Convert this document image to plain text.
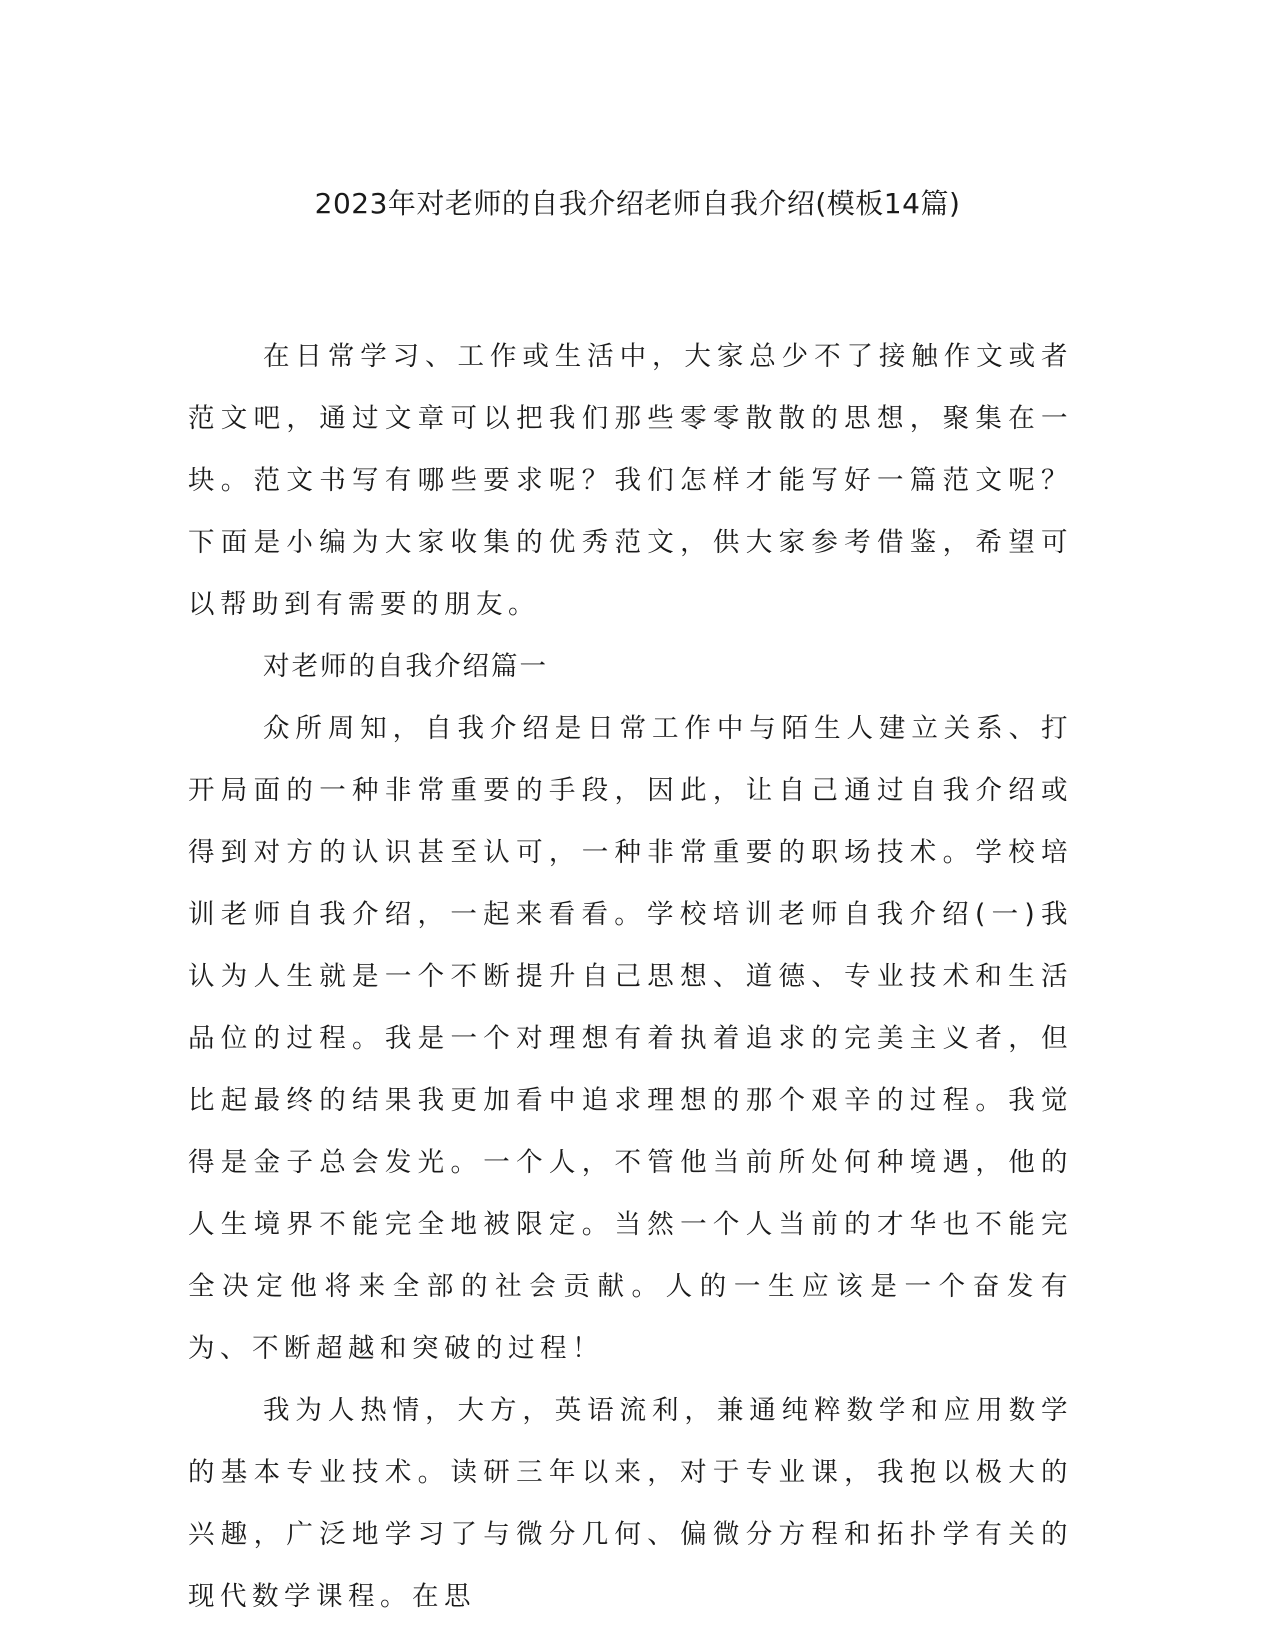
2023年对老师的自我介绍老师自我介绍(模板14篇)

在日常学习、工作或生活中，大家总少不了接触作文或者范文吧，通过文章可以把我们那些零零散散的思想，聚集在一块。范文书写有哪些要求呢？我们怎样才能写好一篇范文呢？下面是小编为大家收集的优秀范文，供大家参考借鉴，希望可以帮助到有需要的朋友。

对老师的自我介绍篇一

众所周知，自我介绍是日常工作中与陌生人建立关系、打开局面的一种非常重要的手段，因此，让自己通过自我介绍或得到对方的认识甚至认可，一种非常重要的职场技术。学校培训老师自我介绍，一起来看看。学校培训老师自我介绍(一)我认为人生就是一个不断提升自己思想、道德、专业技术和生活品位的过程。我是一个对理想有着执着追求的完美主义者，但比起最终的结果我更加看中追求理想的那个艰辛的过程。我觉得是金子总会发光。一个人，不管他当前所处何种境遇，他的人生境界不能完全地被限定。当然一个人当前的才华也不能完全决定他将来全部的社会贡献。人的一生应该是一个奋发有为、不断超越和突破的过程！

我为人热情，大方，英语流利，兼通纯粹数学和应用数学的基本专业技术。读研三年以来，对于专业课，我抱以极大的兴趣，广泛地学习了与微分几何、偏微分方程和拓扑学有关的现代数学课程。在思
